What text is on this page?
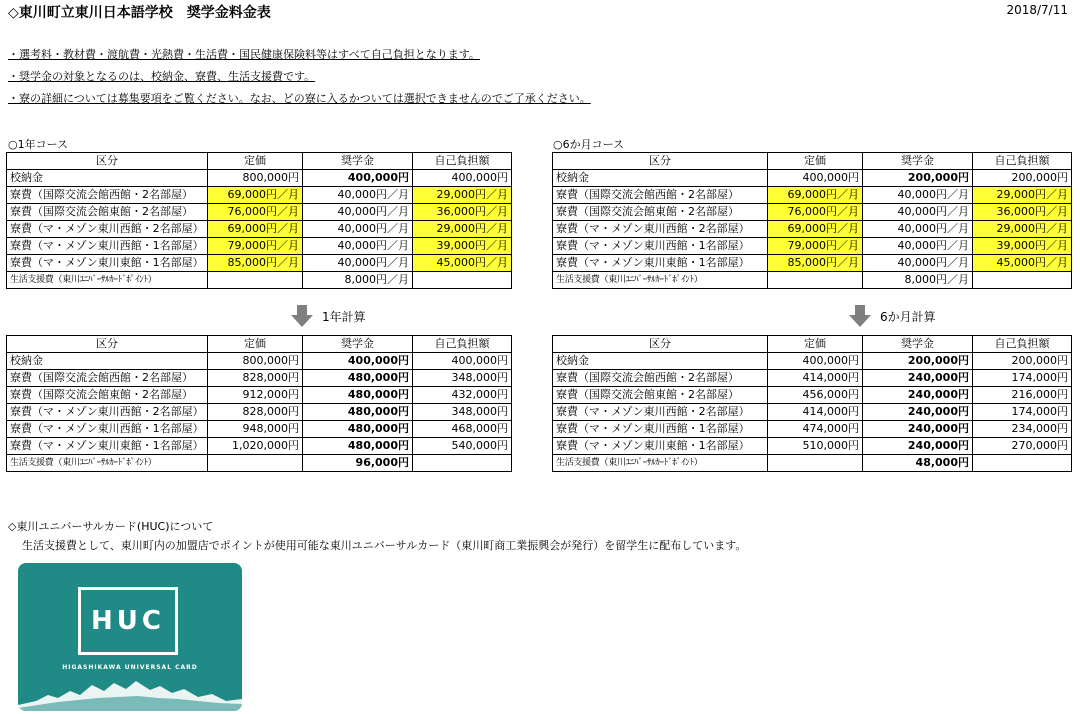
◇東川町立東川日本語学校　奨学金料金表	2018/7/11
・選考料・教材費・渡航費・光熱費・生活費・国民健康保険料等はすべて自己負担となります。
・奨学金の対象となるのは、校納金、寮費、生活支援費です。
・寮の詳細については募集要項をご覧ください。なお、どの寮に入るかついては選択できませんのでご了承ください。
○1年コース
区分	定価	奨学金	自己負担額
校納金	800,000円	400,000円	400,000円
寮費（国際交流会館西館・2名部屋）	69,000円／月	40,000円／月	29,000円／月
寮費（国際交流会館東館・2名部屋）	76,000円／月	40,000円／月	36,000円／月
寮費（マ・メゾン東川西館・2名部屋）	69,000円／月	40,000円／月	29,000円／月
寮費（マ・メゾン東川西館・1名部屋）	79,000円／月	40,000円／月	39,000円／月
寮費（マ・メゾン東川東館・1名部屋）	85,000円／月	40,000円／月	45,000円／月
生活支援費（東川ﾕﾆﾊﾞｰｻﾙｶｰﾄﾞﾎﾟｲﾝﾄ）		8,000円／月	
1年計算
区分	定価	奨学金	自己負担額
校納金	800,000円	400,000円	400,000円
寮費（国際交流会館西館・2名部屋）	828,000円	480,000円	348,000円
寮費（国際交流会館東館・2名部屋）	912,000円	480,000円	432,000円
寮費（マ・メゾン東川西館・2名部屋）	828,000円	480,000円	348,000円
寮費（マ・メゾン東川西館・1名部屋）	948,000円	480,000円	468,000円
寮費（マ・メゾン東川東館・1名部屋）	1,020,000円	480,000円	540,000円
生活支援費（東川ﾕﾆﾊﾞｰｻﾙｶｰﾄﾞﾎﾟｲﾝﾄ）		96,000円	
○6か月コース
区分	定価	奨学金	自己負担額
校納金	400,000円	200,000円	200,000円
寮費（国際交流会館西館・2名部屋）	69,000円／月	40,000円／月	29,000円／月
寮費（国際交流会館東館・2名部屋）	76,000円／月	40,000円／月	36,000円／月
寮費（マ・メゾン東川西館・2名部屋）	69,000円／月	40,000円／月	29,000円／月
寮費（マ・メゾン東川西館・1名部屋）	79,000円／月	40,000円／月	39,000円／月
寮費（マ・メゾン東川東館・1名部屋）	85,000円／月	40,000円／月	45,000円／月
生活支援費（東川ﾕﾆﾊﾞｰｻﾙｶｰﾄﾞﾎﾟｲﾝﾄ）		8,000円／月	
6か月計算
区分	定価	奨学金	自己負担額
校納金	400,000円	200,000円	200,000円
寮費（国際交流会館西館・2名部屋）	414,000円	240,000円	174,000円
寮費（国際交流会館東館・2名部屋）	456,000円	240,000円	216,000円
寮費（マ・メゾン東川西館・2名部屋）	414,000円	240,000円	174,000円
寮費（マ・メゾン東川西館・1名部屋）	474,000円	240,000円	234,000円
寮費（マ・メゾン東川東館・1名部屋）	510,000円	240,000円	270,000円
生活支援費（東川ﾕﾆﾊﾞｰｻﾙｶｰﾄﾞﾎﾟｲﾝﾄ）		48,000円	
◇東川ユニバーサルカード(HUC)について
生活支援費として、東川町内の加盟店でポイントが使用可能な東川ユニバーサルカード（東川町商工業振興会が発行）を留学生に配布しています。
HUC
HIGASHIKAWA UNIVERSAL CARD
